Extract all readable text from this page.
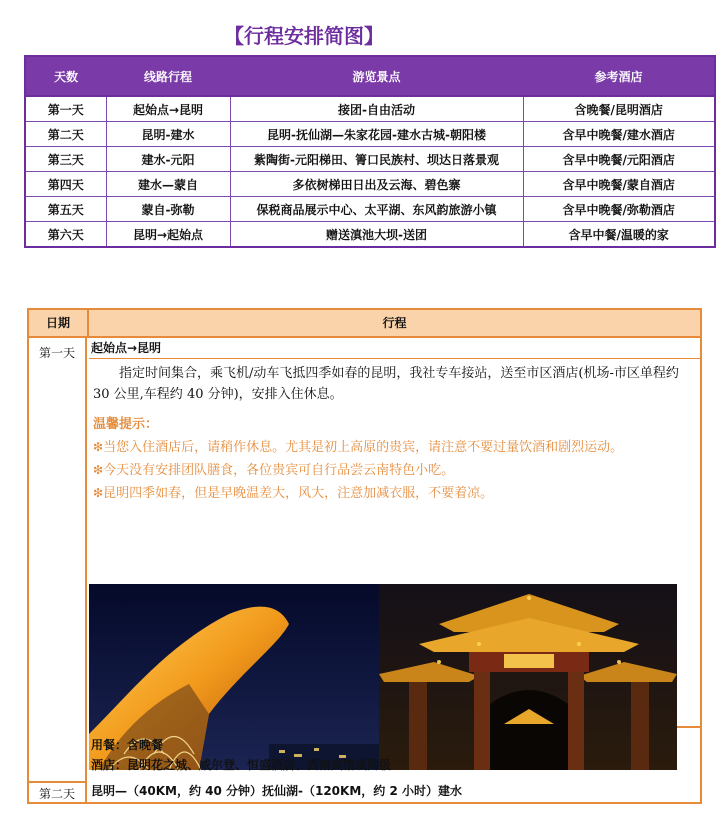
【行程安排简图】
天数	线路行程	游览景点	参考酒店
第一天	起始点→昆明	接团-自由活动	含晚餐/昆明酒店
第二天	昆明-建水	昆明-抚仙湖—朱家花园-建水古城-朝阳楼	含早中晚餐/建水酒店
第三天	建水-元阳	紫陶街-元阳梯田、箐口民族村、坝达日落景观	含早中晚餐/元阳酒店
第四天	建水—蒙自	多依树梯田日出及云海、碧色寨	含早中晚餐/蒙自酒店
第五天	蒙自-弥勒	保税商品展示中心、太平湖、东风韵旅游小镇	含早中晚餐/弥勒酒店
第六天	昆明→起始点	赠送滇池大坝-送团	含早中餐/温暖的家
日期	行程
第一天	起始点→昆明

指定时间集合，乘飞机/动车飞抵四季如春的昆明，我社专车接站，送至市区酒店(机场-市区单程约 30 公里,车程约 40 分钟)，安排入住休息。

温馨提示：

❇当您入住酒店后，请稍作休息。尤其是初上高原的贵宾，请注意不要过量饮酒和剧烈运动。

❇今天没有安排团队膳食，各位贵宾可自行品尝云南特色小吃。

❇昆明四季如春，但是早晚温差大，风大，注意加减衣服，不要着凉。

用餐：含晚餐
酒店：昆明花之城、威尔登、恒盛酒店、西南宾馆或同级
第二天	昆明—（40KM，约 40 分钟）抚仙湖-（120KM，约 2 小时）建水
